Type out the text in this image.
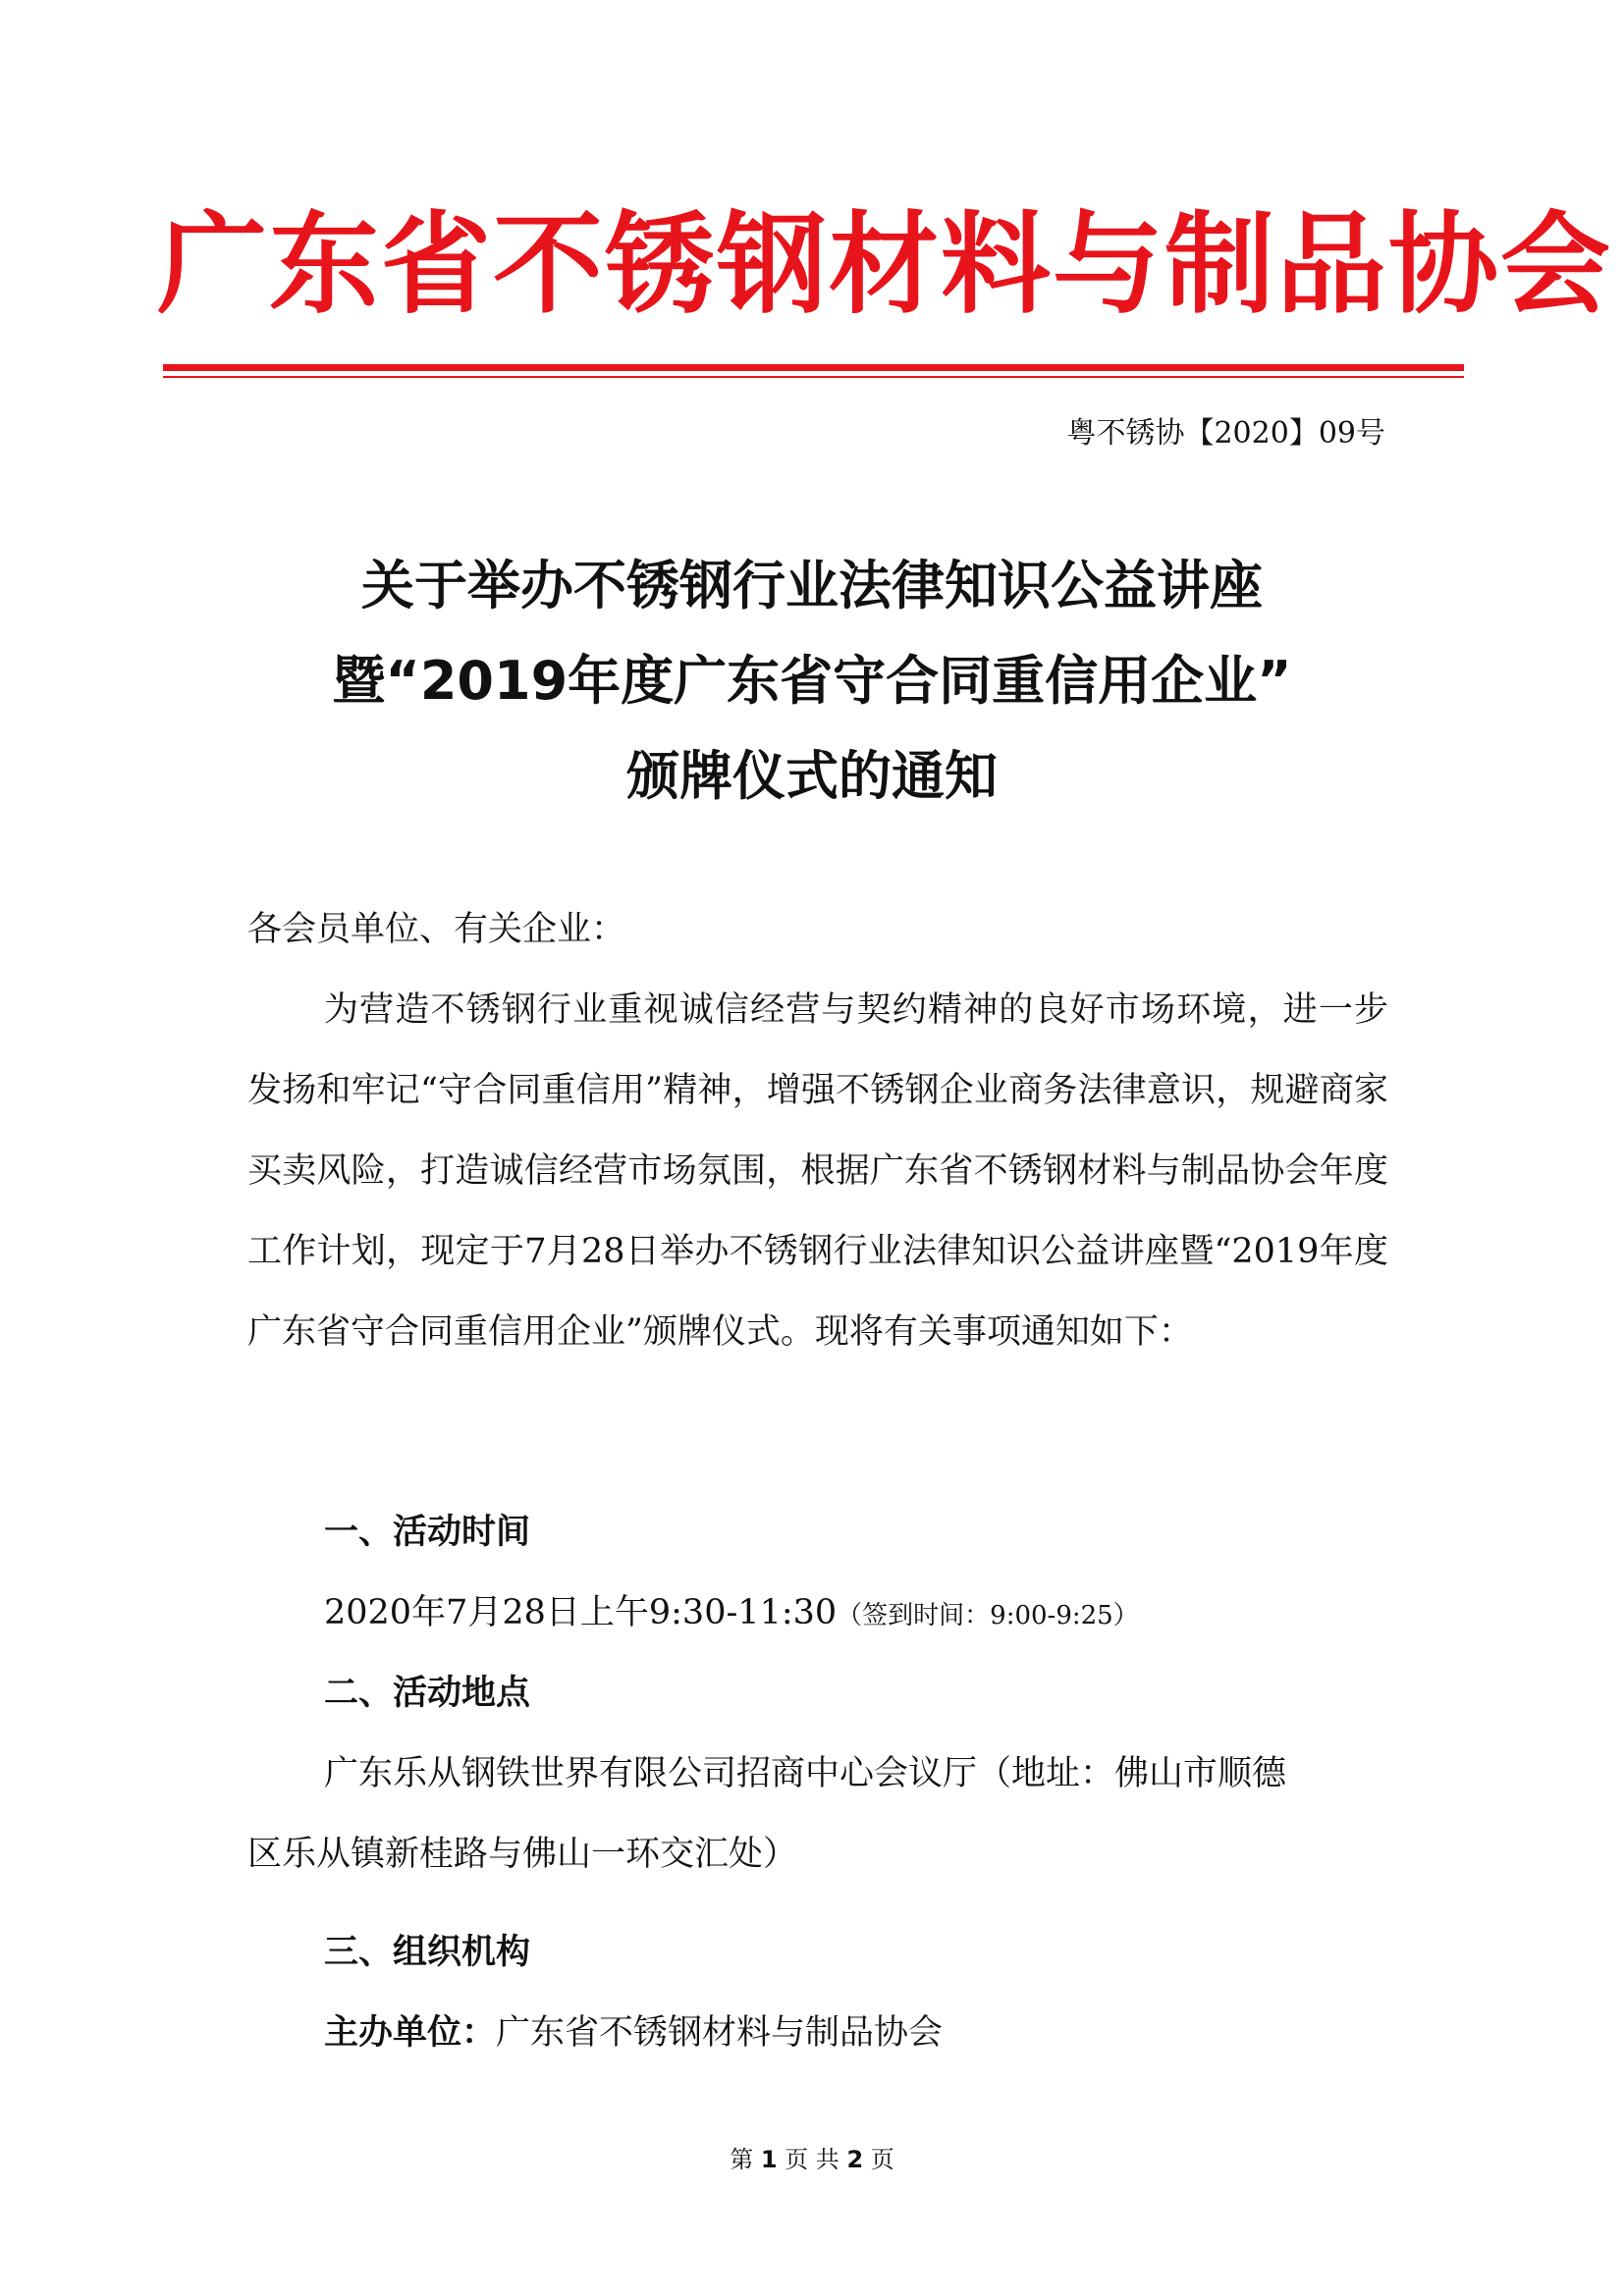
广东省不锈钢材料与制品协会
粤不锈协【2020】09号
关于举办不锈钢行业法律知识公益讲座
暨“2019年度广东省守合同重信用企业”
颁牌仪式的通知
各会员单位、有关企业：
为营造不锈钢行业重视诚信经营与契约精神的良好市场环境，进一步发扬和牢记“守合同重信用”精神，增强不锈钢企业商务法律意识，规避商家买卖风险，打造诚信经营市场氛围，根据广东省不锈钢材料与制品协会年度工作计划，现定于7月28日举办不锈钢行业法律知识公益讲座暨“2019年度广东省守合同重信用企业”颁牌仪式。现将有关事项通知如下：
一、活动时间
2020年7月28日上午9:30-11:30（签到时间：9:00-9:25）
二、活动地点
广东乐从钢铁世界有限公司招商中心会议厅（地址：佛山市顺德
区乐从镇新桂路与佛山一环交汇处）
三、组织机构
主办单位：广东省不锈钢材料与制品协会
第 1 页 共 2 页
